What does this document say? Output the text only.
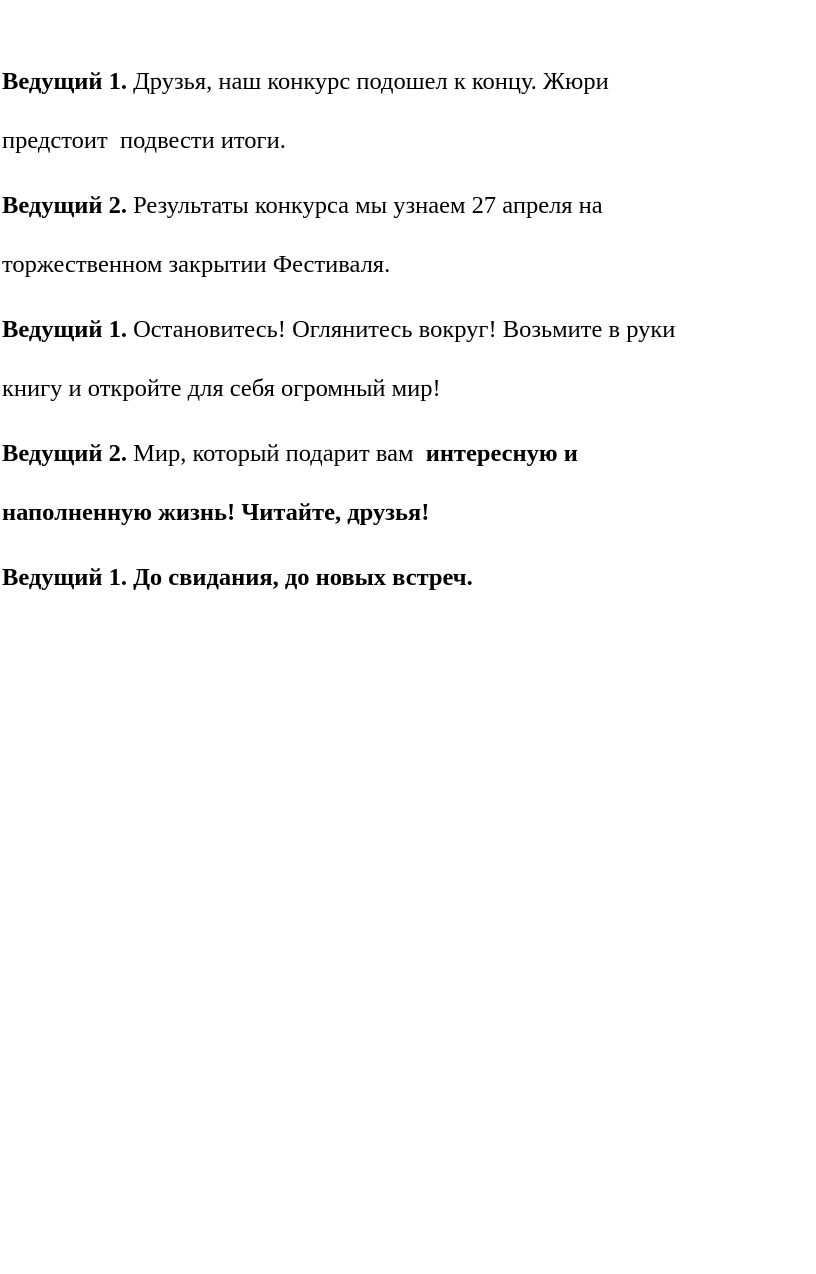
Ведущий 1. Друзья, наш конкурс подошел к концу. Жюри
предстоит  подвести итоги.

Ведущий 2. Результаты конкурса мы узнаем 27 апреля на
торжественном закрытии Фестиваля.

Ведущий 1. Остановитесь! Оглянитесь вокруг! Возьмите в руки
книгу и откройте для себя огромный мир!

Ведущий 2. Мир, который подарит вам  интересную и
наполненную жизнь! Читайте, друзья!

Ведущий 1. До свидания, до новых встреч.
